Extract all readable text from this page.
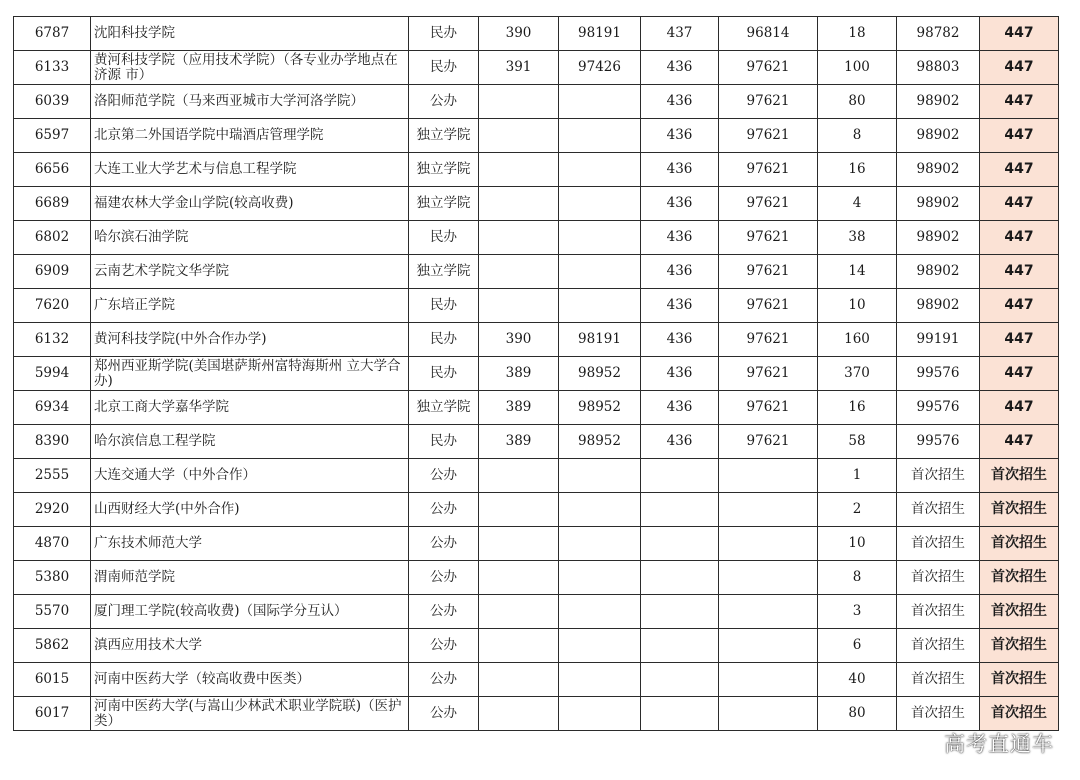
6787	沈阳科技学院	民办	390	98191	437	96814	18	98782	447
6133	黄河科技学院（应用技术学院）（各专业办学地点在济源 市）	民办	391	97426	436	97621	100	98803	447
6039	洛阳师范学院（马来西亚城市大学河洛学院）	公办			436	97621	80	98902	447
6597	北京第二外国语学院中瑞酒店管理学院	独立学院			436	97621	8	98902	447
6656	大连工业大学艺术与信息工程学院	独立学院			436	97621	16	98902	447
6689	福建农林大学金山学院(较高收费)	独立学院			436	97621	4	98902	447
6802	哈尔滨石油学院	民办			436	97621	38	98902	447
6909	云南艺术学院文华学院	独立学院			436	97621	14	98902	447
7620	广东培正学院	民办			436	97621	10	98902	447
6132	黄河科技学院(中外合作办学)	民办	390	98191	436	97621	160	99191	447
5994	郑州西亚斯学院(美国堪萨斯州富特海斯州 立大学合办)	民办	389	98952	436	97621	370	99576	447
6934	北京工商大学嘉华学院	独立学院	389	98952	436	97621	16	99576	447
8390	哈尔滨信息工程学院	民办	389	98952	436	97621	58	99576	447
2555	大连交通大学（中外合作）	公办					1	首次招生	首次招生
2920	山西财经大学(中外合作)	公办					2	首次招生	首次招生
4870	广东技术师范大学	公办					10	首次招生	首次招生
5380	渭南师范学院	公办					8	首次招生	首次招生
5570	厦门理工学院(较高收费)（国际学分互认）	公办					3	首次招生	首次招生
5862	滇西应用技术大学	公办					6	首次招生	首次招生
6015	河南中医药大学（较高收费中医类）	公办					40	首次招生	首次招生
6017	河南中医药大学(与嵩山少林武术职业学院联)（医护类）	公办					80	首次招生	首次招生
高考直通车
